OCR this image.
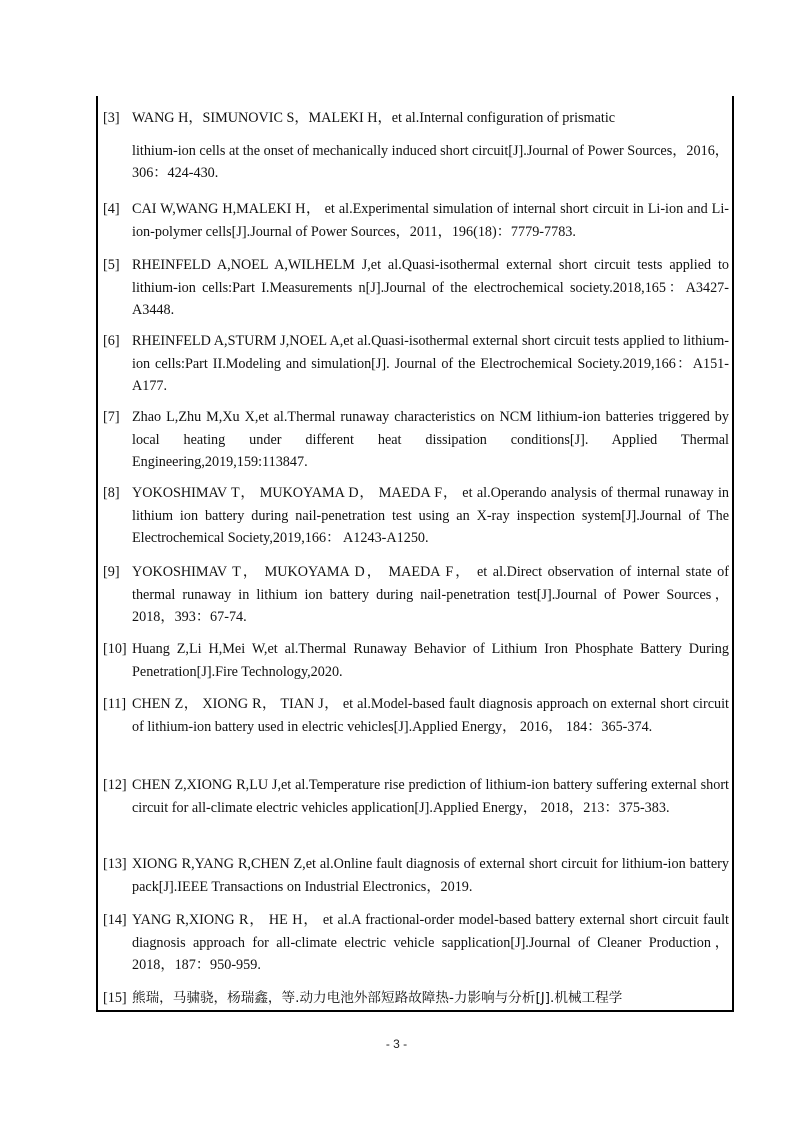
[3] WANG H，SIMUNOVIC S，MALEKI H，et al.Internal configuration of prismatic
lithium-ion cells at the onset of mechanically induced short circuit[J].Journal of Power Sources，2016，306：424-430.
[4] CAI W,WANG H,MALEKI H， et al.Experimental simulation of internal short circuit in Li-ion and Li-ion-polymer cells[J].Journal of Power Sources，2011，196(18)：7779-7783.
[5] RHEINFELD A,NOEL A,WILHELM J,et al.Quasi-isothermal external short circuit tests applied to lithium-ion cells:Part I.Measurements n[J].Journal of the electrochemical society.2018,165：A3427-A3448.
[6] RHEINFELD A,STURM J,NOEL A,et al.Quasi-isothermal external short circuit tests applied to lithium-ion cells:Part II.Modeling and simulation[J]. Journal of the Electrochemical Society.2019,166：A151-A177.
[7] Zhao L,Zhu M,Xu X,et al.Thermal runaway characteristics on NCM lithium-ion batteries triggered by local heating under different heat dissipation conditions[J]. Applied Thermal Engineering,2019,159:113847.
[8] YOKOSHIMAV T， MUKOYAMA D， MAEDA F， et al.Operando analysis of thermal runaway in lithium ion battery during nail-penetration test using an X-ray inspection system[J].Journal of The Electrochemical Society,2019,166： A1243-A1250.
[9] YOKOSHIMAV T， MUKOYAMA D， MAEDA F， et al.Direct observation of internal state of thermal runaway in lithium ion battery during nail-penetration test[J].Journal of Power Sources，2018，393：67-74.
[10] Huang Z,Li H,Mei W,et al.Thermal Runaway Behavior of Lithium Iron Phosphate Battery During Penetration[J].Fire Technology,2020.
[11] CHEN Z， XIONG R， TIAN J， et al.Model-based fault diagnosis approach on external short circuit of lithium-ion battery used in electric vehicles[J].Applied Energy， 2016， 184：365-374.
[12] CHEN Z,XIONG R,LU J,et al.Temperature rise prediction of lithium-ion battery suffering external short circuit for all-climate electric vehicles application[J].Applied Energy， 2018，213：375-383.
[13] XIONG R,YANG R,CHEN Z,et al.Online fault diagnosis of external short circuit for lithium-ion battery pack[J].IEEE Transactions on Industrial Electronics，2019.
[14] YANG R,XIONG R， HE H， et al.A fractional-order model-based battery external short circuit fault diagnosis approach for all-climate electric vehicle sapplication[J].Journal of Cleaner Production，2018，187：950-959.
[15] 熊瑞，马骕骁，杨瑞鑫，等.动力电池外部短路故障热-力影响与分析[J].机械工程学
- 3 -
